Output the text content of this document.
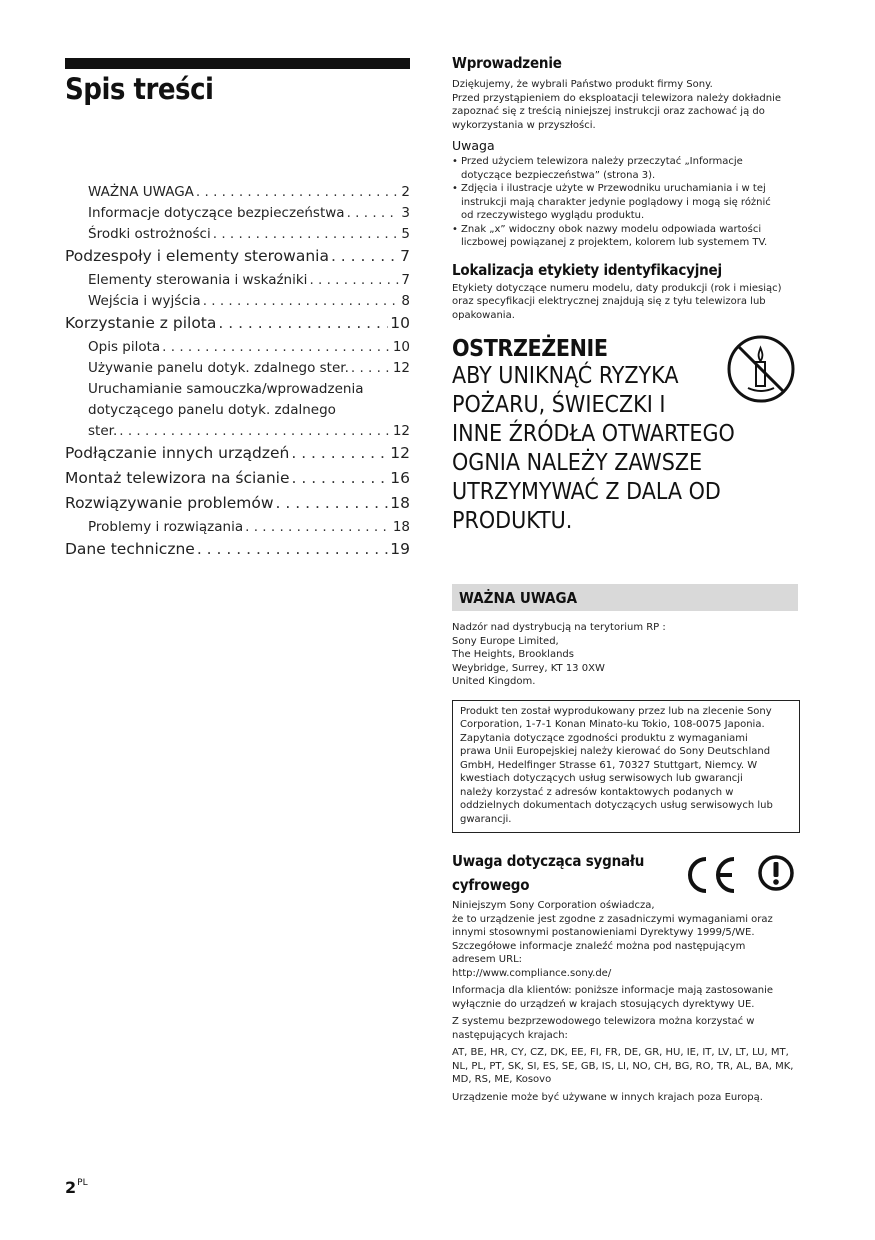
Spis treści
WAŻNA UWAGA . . .	2
Informacje dotyczące bezpieczeństwa . . .	3
Środki ostrożności . . .	5
Podzespoły i elementy sterowania . . .	7
Elementy sterowania i wskaźniki . . .	7
Wejścia i wyjścia . . .	8
Korzystanie z pilota . . .	10
Opis pilota . . .	10
Używanie panelu dotyk. zdalnego ster. . . .	12
Uruchamianie samouczka/wprowadzenia
dotyczącego panelu dotyk. zdalnego
ster. . . .	12
Podłączanie innych urządzeń . . .	12
Montaż telewizora na ścianie . . .	16
Rozwiązywanie problemów . . .	18
Problemy i rozwiązania . . .	18
Dane techniczne . . .	19
$2^{PL}$
Wprowadzenie

Dziękujemy, że wybrali Państwo produkt firmy Sony.

Przed przystąpieniem do eksploatacji telewizora należy dokładnie

zapoznać się z treścią niniejszej instrukcji oraz zachować ją do

wykorzystania w przyszłości.

Uwaga
• Przed użyciem telewizora należy przeczytać „Informacje
dotyczące bezpieczeństwa” (strona 3).
• Zdjęcia i ilustracje użyte w Przewodniku uruchamiania i w tej
instrukcji mają charakter jedynie poglądowy i mogą się różnić
od rzeczywistego wyglądu produktu.
• Znak „x” widoczny obok nazwy modelu odpowiada wartości
liczbowej powiązanej z projektem, kolorem lub systemem TV.
Lokalizacja etykiety identyfikacyjnej

Etykiety dotyczące numeru modelu, daty produkcji (rok i miesiąc)

oraz specyfikacji elektrycznej znajdują się z tyłu telewizora lub

opakowania.

OSTRZEŻENIE

ABY UNIKNĄĆ RYZYKA

POŻARU, ŚWIECZKI I

INNE ŹRÓDŁA OTWARTEGO

OGNIA NALEŻY ZAWSZE

UTRZYMYWAĆ Z DALA OD

PRODUKTU.

WAŻNA UWAGA

Nadzór nad dystrybucją na terytorium RP :

Sony Europe Limited,

The Heights, Brooklands

Weybridge, Surrey, KT 13 0XW

United Kingdom.

Produkt ten został wyprodukowany przez lub na zlecenie Sony

Corporation, 1-7-1 Konan Minato-ku Tokio, 108-0075 Japonia.

Zapytania dotyczące zgodności produktu z wymaganiami

prawa Unii Europejskiej należy kierować do Sony Deutschland

GmbH, Hedelfinger Strasse 61, 70327 Stuttgart, Niemcy. W

kwestiach dotyczących usług serwisowych lub gwarancji

należy korzystać z adresów kontaktowych podanych w

oddzielnych dokumentach dotyczących usług serwisowych lub

gwarancji.

Uwaga dotycząca sygnału
cyfrowego

Niniejszym Sony Corporation oświadcza,

że to urządzenie jest zgodne z zasadniczymi wymaganiami oraz

innymi stosownymi postanowieniami Dyrektywy 1999/5/WE.

Szczegółowe informacje znaleźć można pod następującym

adresem URL:

http://www.compliance.sony.de/

Informacja dla klientów: poniższe informacje mają zastosowanie

wyłącznie do urządzeń w krajach stosujących dyrektywy UE.

Z systemu bezprzewodowego telewizora można korzystać w

następujących krajach:

AT, BE, HR, CY, CZ, DK, EE, FI, FR, DE, GR, HU, IE, IT, LV, LT, LU, MT,

NL, PL, PT, SK, SI, ES, SE, GB, IS, LI, NO, CH, BG, RO, TR, AL, BA, MK,

MD, RS, ME, Kosovo

Urządzenie może być używane w innych krajach poza Europą.
